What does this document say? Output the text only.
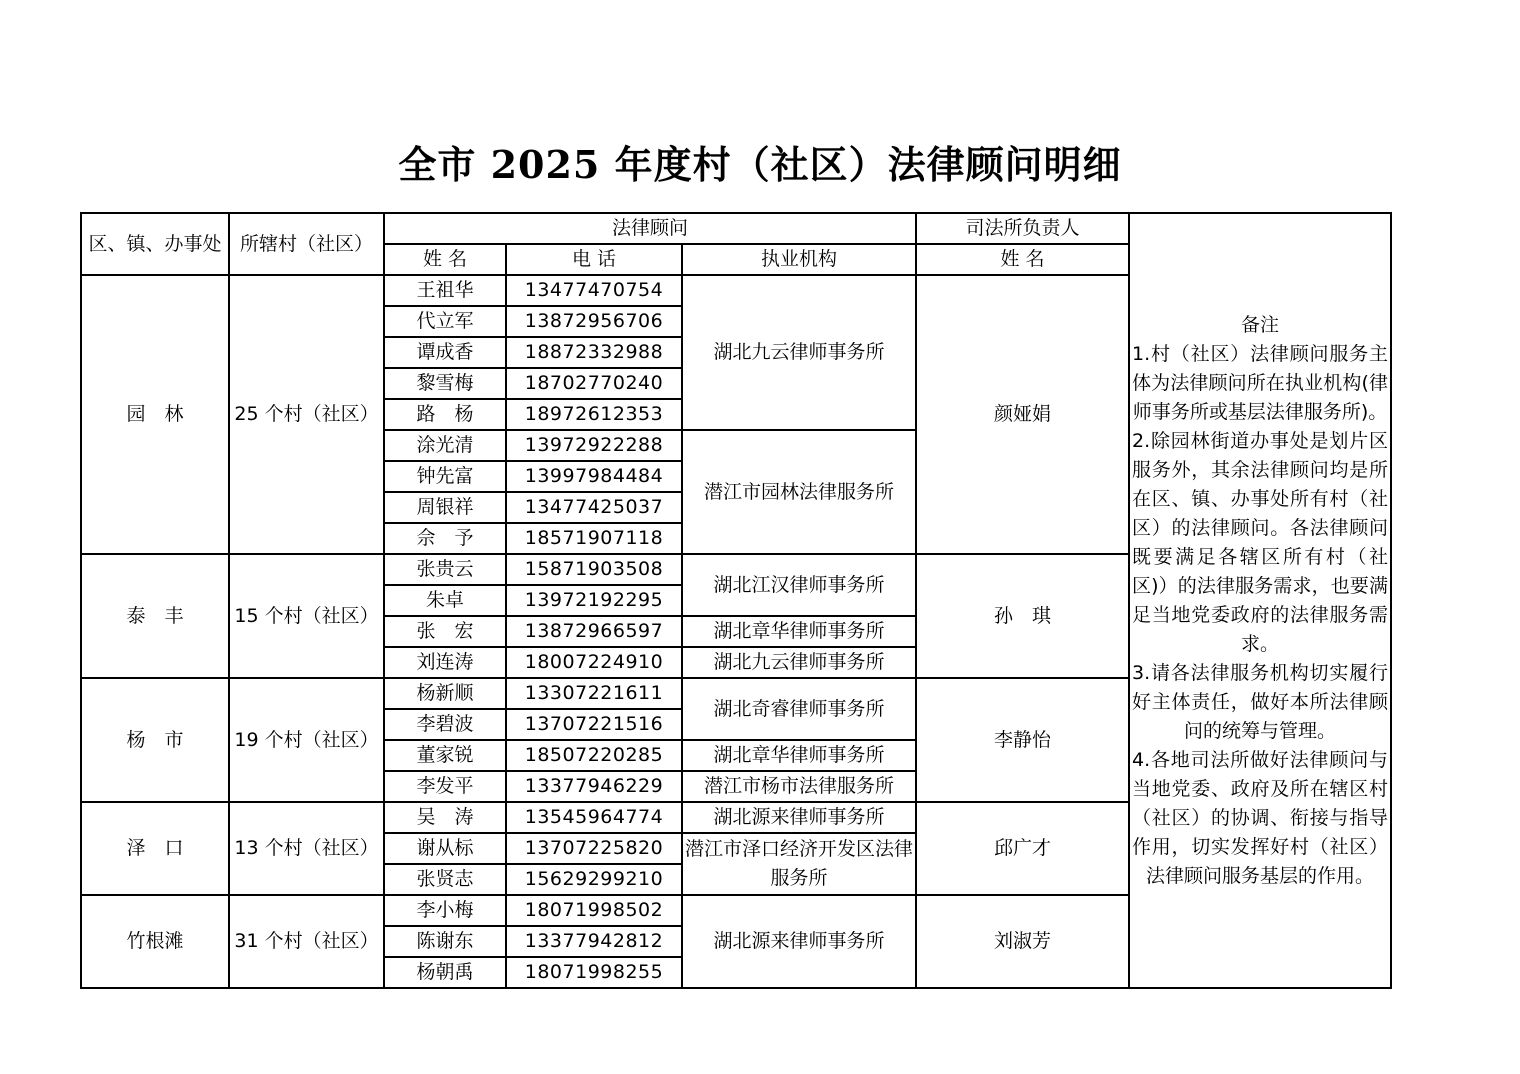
全市 2025 年度村（社区）法律顾问明细
区、镇、办事处	所辖村（社区）	法律顾问			司法所负责人	备注

1.村（社区）法律顾问服务主体为法律顾问所在执业机构(律师事务所或基层法律服务所)。

2.除园林街道办事处是划片区服务外，其余法律顾问均是所在区、镇、办事处所有村（社区）的法律顾问。各法律顾问既要满足各辖区所有村（社区)）的法律服务需求，也要满足当地党委政府的法律服务需求。

3.请各法律服务机构切实履行好主体责任，做好本所法律顾问的统筹与管理。

4.各地司法所做好法律顾问与当地党委、政府及所在辖区村（社区）的协调、衔接与指导作用，切实发挥好村（社区）法律顾问服务基层的作用。

		姓 名	电 话	执业机构	姓 名	
园　林	25 个村（社区）	王祖华	13477470754	湖北九云律师事务所	颜娅娟	
		代立军	13872956706			
		谭成香	18872332988			
		黎雪梅	18702770240			
		路　杨	18972612353			
		涂光清	13972922288	潜江市园林法律服务所		
		钟先富	13997984484			
		周银祥	13477425037			
		佘　予	18571907118			
泰　丰	15 个村（社区）	张贵云	15871903508	湖北江汉律师事务所	孙　琪	
		朱卓	13972192295			
		张　宏	13872966597	湖北章华律师事务所		
		刘连涛	18007224910	湖北九云律师事务所		
杨　市	19 个村（社区）	杨新顺	13307221611	湖北奇睿律师事务所	李静怡	
		李碧波	13707221516			
		董家锐	18507220285	湖北章华律师事务所		
		李发平	13377946229	潜江市杨市法律服务所		
泽　口	13 个村（社区）	吴　涛	13545964774	湖北源来律师事务所	邱广才	
		谢从标	13707225820	潜江市泽口经济开发区法律服务所		
		张贤志	15629299210			
竹根滩	31 个村（社区）	李小梅	18071998502	湖北源来律师事务所	刘淑芳	
		陈谢东	13377942812			
		杨朝禹	18071998255			
